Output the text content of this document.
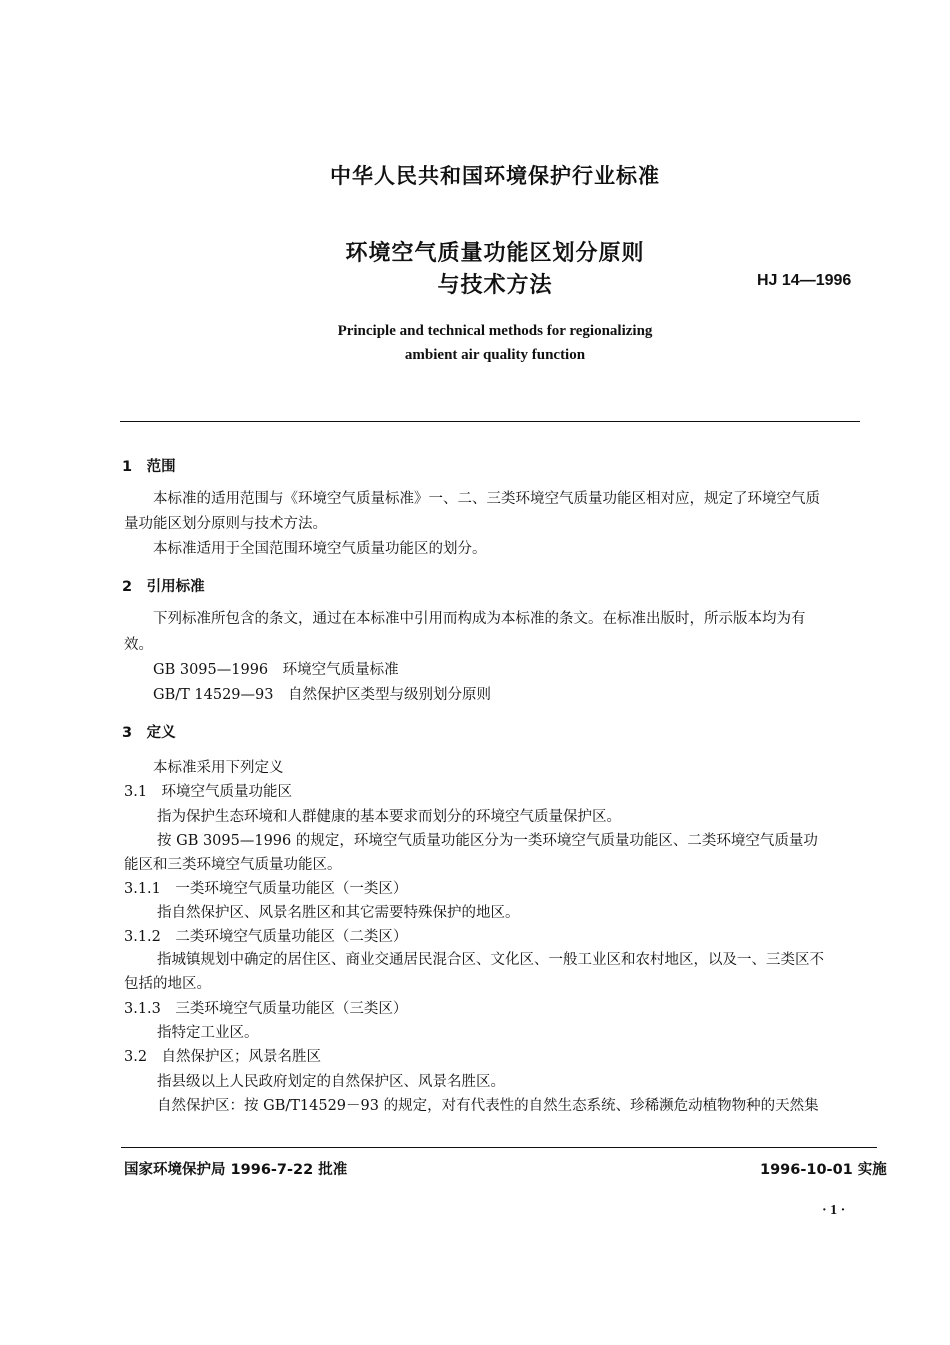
中华人民共和国环境保护行业标准
环境空气质量功能区划分原则
与技术方法	HJ 14—1996
Principle and technical methods for regionalizing
ambient air quality function
1　范围
本标准的适用范围与《环境空气质量标准》一、二、三类环境空气质量功能区相对应，规定了环境空气质
量功能区划分原则与技术方法。
本标准适用于全国范围环境空气质量功能区的划分。
2　引用标准
下列标准所包含的条文，通过在本标准中引用而构成为本标准的条文。在标准出版时，所示版本均为有
效。
GB 3095—1996　环境空气质量标准
GB/T 14529—93　自然保护区类型与级别划分原则
3　定义
本标准采用下列定义
3.1　环境空气质量功能区
指为保护生态环境和人群健康的基本要求而划分的环境空气质量保护区。
按 GB 3095—1996 的规定，环境空气质量功能区分为一类环境空气质量功能区、二类环境空气质量功
能区和三类环境空气质量功能区。
3.1.1　一类环境空气质量功能区（一类区）
指自然保护区、风景名胜区和其它需要特殊保护的地区。
3.1.2　二类环境空气质量功能区（二类区）
指城镇规划中确定的居住区、商业交通居民混合区、文化区、一般工业区和农村地区，以及一、三类区不
包括的地区。
3.1.3　三类环境空气质量功能区（三类区）
指特定工业区。
3.2　自然保护区；风景名胜区
指县级以上人民政府划定的自然保护区、风景名胜区。
自然保护区：按 GB/T14529－93 的规定，对有代表性的自然生态系统、珍稀濒危动植物物种的天然集
国家环境保护局 1996-7-22 批准	1996-10-01 实施
· 1 ·
